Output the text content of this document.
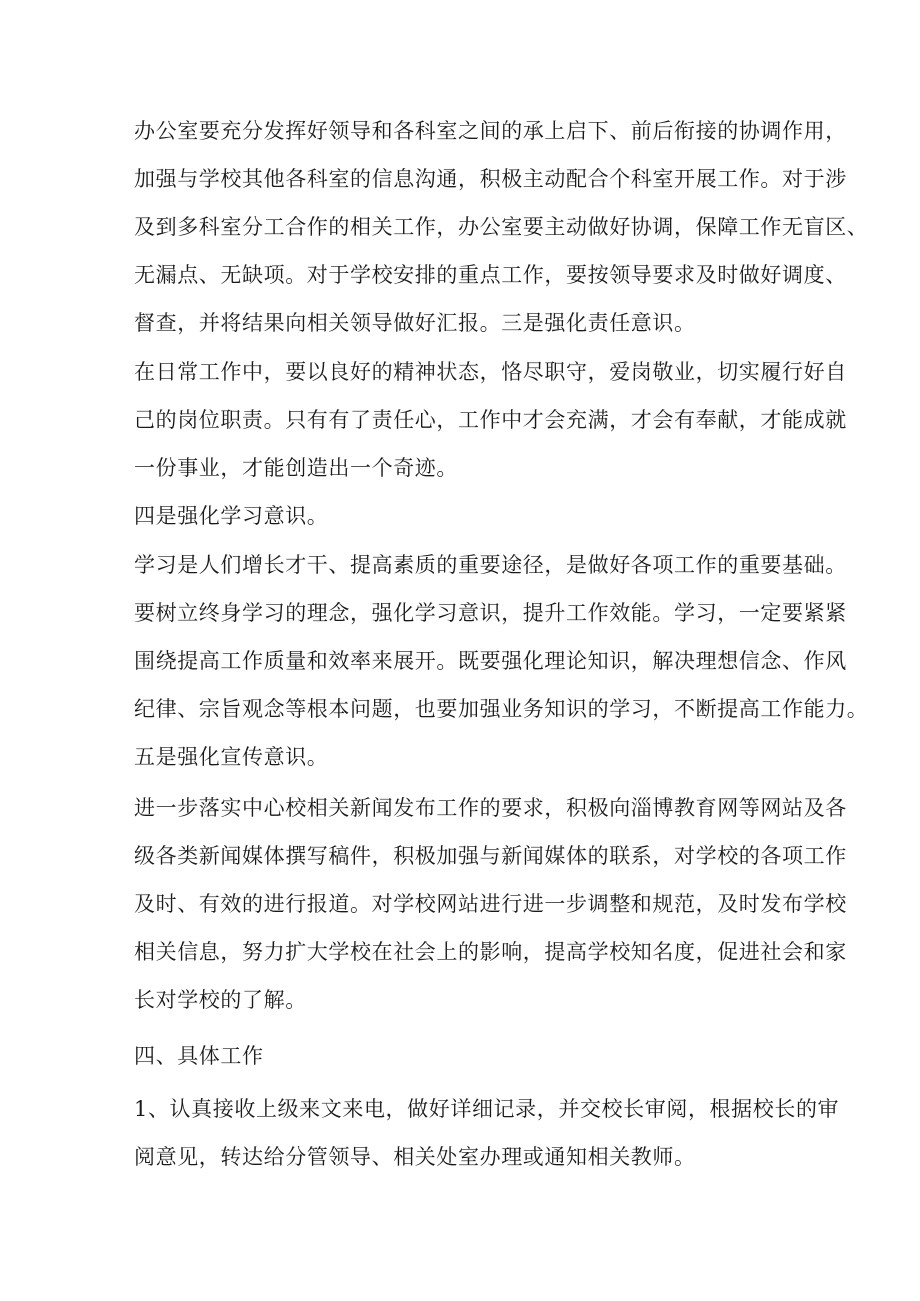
办公室要充分发挥好领导和各科室之间的承上启下、前后衔接的协调作用，
加强与学校其他各科室的信息沟通，积极主动配合个科室开展工作。对于涉
及到多科室分工合作的相关工作，办公室要主动做好协调，保障工作无盲区、
无漏点、无缺项。对于学校安排的重点工作，要按领导要求及时做好调度、
督查，并将结果向相关领导做好汇报。三是强化责任意识。
在日常工作中，要以良好的精神状态，恪尽职守，爱岗敬业，切实履行好自
己的岗位职责。只有有了责任心，工作中才会充满，才会有奉献，才能成就
一份事业，才能创造出一个奇迹。
四是强化学习意识。
学习是人们增长才干、提高素质的重要途径，是做好各项工作的重要基础。
要树立终身学习的理念，强化学习意识，提升工作效能。学习，一定要紧紧
围绕提高工作质量和效率来展开。既要强化理论知识，解决理想信念、作风
纪律、宗旨观念等根本问题，也要加强业务知识的学习，不断提高工作能力。
五是强化宣传意识。
进一步落实中心校相关新闻发布工作的要求，积极向淄博教育网等网站及各
级各类新闻媒体撰写稿件，积极加强与新闻媒体的联系，对学校的各项工作
及时、有效的进行报道。对学校网站进行进一步调整和规范，及时发布学校
相关信息，努力扩大学校在社会上的影响，提高学校知名度，促进社会和家
长对学校的了解。
四、具体工作
1、认真接收上级来文来电，做好详细记录，并交校长审阅，根据校长的审
阅意见，转达给分管领导、相关处室办理或通知相关教师。
